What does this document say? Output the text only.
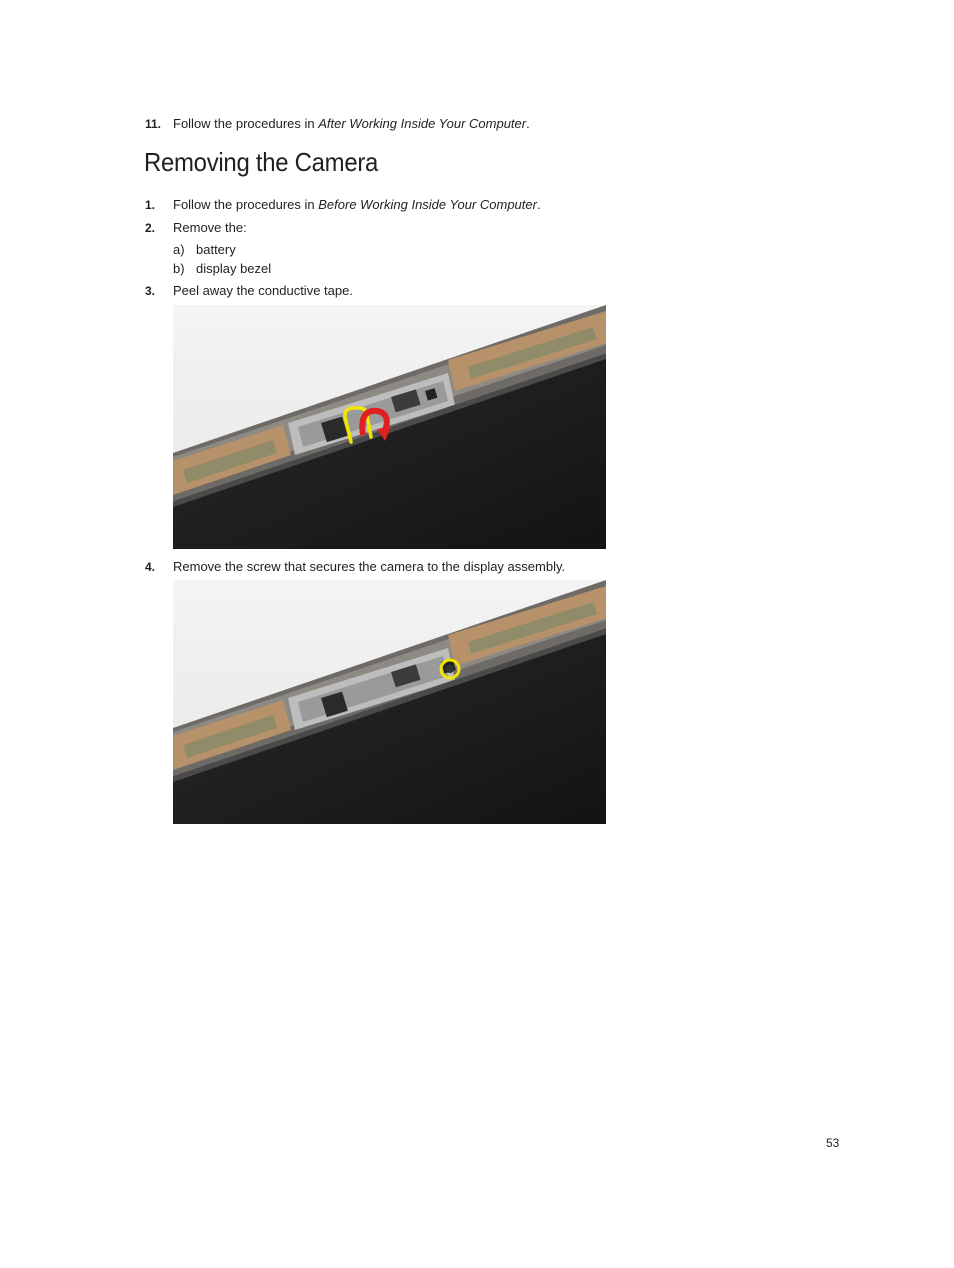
11. Follow the procedures in After Working Inside Your Computer.
Removing the Camera
1. Follow the procedures in Before Working Inside Your Computer.
2. Remove the:
a) battery
b) display bezel
3. Peel away the conductive tape.
4. Remove the screw that secures the camera to the display assembly.
53
